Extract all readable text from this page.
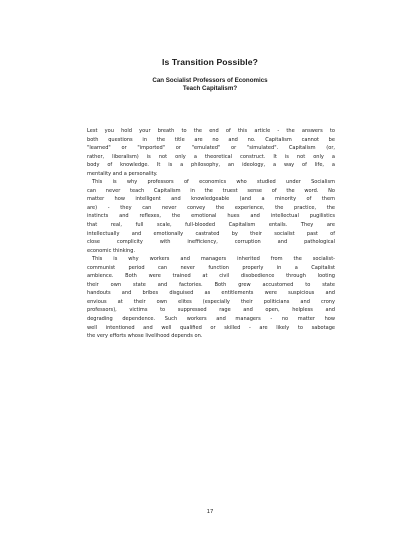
Is Transition Possible?
Can Socialist Professors of Economics
Teach Capitalism?
Lest you hold your breath to the end of this article - the answers to
both questions in the title are no and no. Capitalism cannot be
"learned" or "imported" or "emulated" or "simulated". Capitalism (or,
rather, liberalism) is not only a theoretical construct. It is not only a
body of knowledge. It is a philosophy, an ideology, a way of life, a
mentality and a personality.
This is why professors of economics who studied under Socialism
can never teach Capitalism in the truest sense of the word. No
matter how intelligent and knowledgeable (and a minority of them
are) - they can never convey the experience, the practice, the
instincts and reflexes, the emotional hues and intellectual pugilistics
that real, full scale, full-blooded Capitalism entails. They are
intellectually and emotionally castrated by their socialist past of
close complicity with inefficiency, corruption and pathological
economic thinking.
This is why workers and managers inherited from the socialist-
communist period can never function properly in a Capitalist
ambience. Both were trained at civil disobedience through looting
their own state and factories. Both grew accustomed to state
handouts and bribes disguised as entitlements were suspicious and
envious at their own elites (especially their politicians and crony
professors), victims to suppressed rage and open, helpless and
degrading dependence. Such workers and managers - no matter how
well intentioned and well qualified or skilled - are likely to sabotage
the very efforts whose livelihood depends on.
17
